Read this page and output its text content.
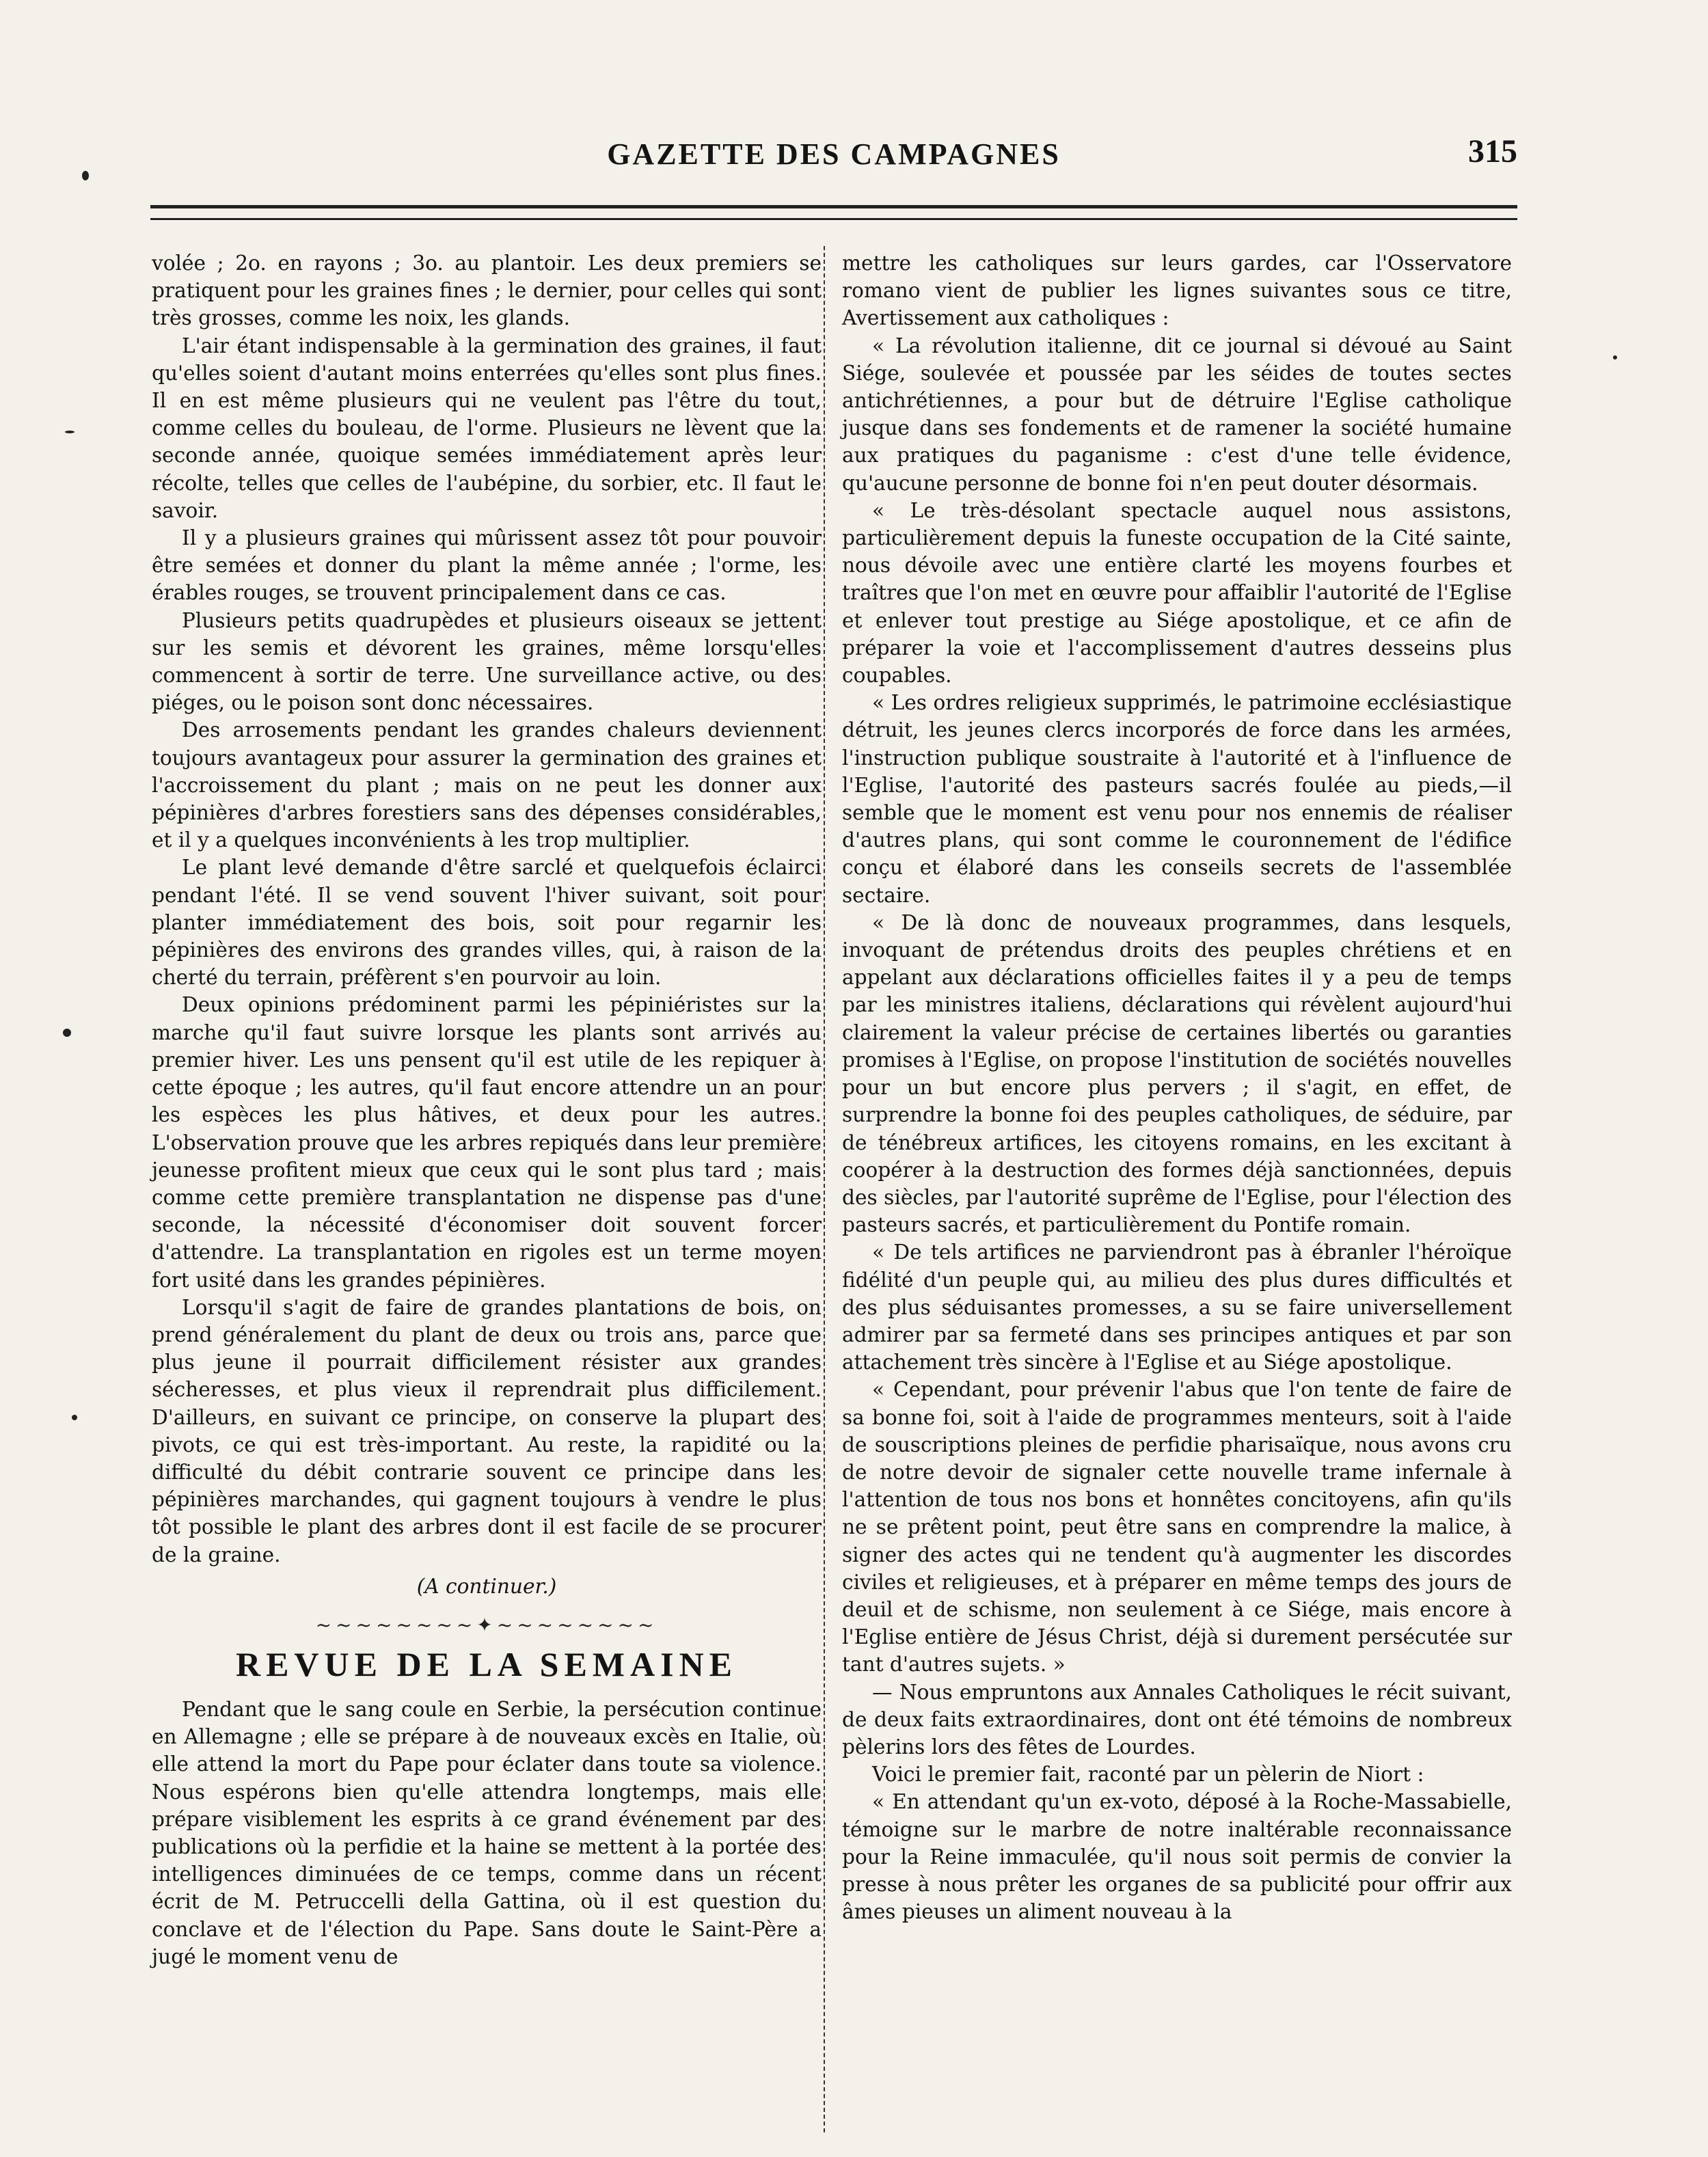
GAZETTE DES CAMPAGNES	315

volée ; 2o. en rayons ; 3o. au plantoir. Les deux premiers se pratiquent pour les graines fines ; le dernier, pour celles qui sont très grosses, comme les noix, les glands.

L'air étant indispensable à la germination des graines, il faut qu'elles soient d'autant moins enterrées qu'elles sont plus fines. Il en est même plusieurs qui ne veulent pas l'être du tout, comme celles du bouleau, de l'orme. Plusieurs ne lèvent que la seconde année, quoique semées immédiatement après leur récolte, telles que celles de l'aubépine, du sorbier, etc. Il faut le savoir.

Il y a plusieurs graines qui mûrissent assez tôt pour pouvoir être semées et donner du plant la même année ; l'orme, les érables rouges, se trouvent principalement dans ce cas.

Plusieurs petits quadrupèdes et plusieurs oiseaux se jettent sur les semis et dévorent les graines, même lorsqu'elles commencent à sortir de terre. Une surveillance active, ou des piéges, ou le poison sont donc nécessaires.

Des arrosements pendant les grandes chaleurs deviennent toujours avantageux pour assurer la germination des graines et l'accroissement du plant ; mais on ne peut les donner aux pépinières d'arbres forestiers sans des dépenses considérables, et il y a quelques inconvénients à les trop multiplier.

Le plant levé demande d'être sarclé et quelquefois éclairci pendant l'été. Il se vend souvent l'hiver suivant, soit pour planter immédiatement des bois, soit pour regarnir les pépinières des environs des grandes villes, qui, à raison de la cherté du terrain, préfèrent s'en pourvoir au loin.

Deux opinions prédominent parmi les pépiniéristes sur la marche qu'il faut suivre lorsque les plants sont arrivés au premier hiver. Les uns pensent qu'il est utile de les repiquer à cette époque ; les autres, qu'il faut encore attendre un an pour les espèces les plus hâtives, et deux pour les autres. L'observation prouve que les arbres repiqués dans leur première jeunesse profitent mieux que ceux qui le sont plus tard ; mais comme cette première transplantation ne dispense pas d'une seconde, la nécessité d'économiser doit souvent forcer d'attendre. La transplantation en rigoles est un terme moyen fort usité dans les grandes pépinières.

Lorsqu'il s'agit de faire de grandes plantations de bois, on prend généralement du plant de deux ou trois ans, parce que plus jeune il pourrait difficilement résister aux grandes sécheresses, et plus vieux il reprendrait plus difficilement. D'ailleurs, en suivant ce principe, on conserve la plupart des pivots, ce qui est très-important. Au reste, la rapidité ou la difficulté du débit contrarie souvent ce principe dans les pépinières marchandes, qui gagnent toujours à vendre le plus tôt possible le plant des arbres dont il est facile de se procurer de la graine.

(A continuer.)

~~~~~~~~✦~~~~~~~~
REVUE DE LA SEMAINE

Pendant que le sang coule en Serbie, la persécution continue en Allemagne ; elle se prépare à de nouveaux excès en Italie, où elle attend la mort du Pape pour éclater dans toute sa violence. Nous espérons bien qu'elle attendra longtemps, mais elle prépare visiblement les esprits à ce grand événement par des publications où la perfidie et la haine se mettent à la portée des intelligences diminuées de ce temps, comme dans un récent écrit de M. Petruccelli della Gattina, où il est question du conclave et de l'élection du Pape. Sans doute le Saint-Père a jugé le moment venu de

mettre les catholiques sur leurs gardes, car l'Osservatore romano vient de publier les lignes suivantes sous ce titre, Avertissement aux catholiques :

« La révolution italienne, dit ce journal si dévoué au Saint Siége, soulevée et poussée par les séides de toutes sectes antichrétiennes, a pour but de détruire l'Eglise catholique jusque dans ses fondements et de ramener la société humaine aux pratiques du paganisme : c'est d'une telle évidence, qu'aucune personne de bonne foi n'en peut douter désormais.

« Le très-désolant spectacle auquel nous assistons, particulièrement depuis la funeste occupation de la Cité sainte, nous dévoile avec une entière clarté les moyens fourbes et traîtres que l'on met en œuvre pour affaiblir l'autorité de l'Eglise et enlever tout prestige au Siége apostolique, et ce afin de préparer la voie et l'accomplissement d'autres desseins plus coupables.

« Les ordres religieux supprimés, le patrimoine ecclésiastique détruit, les jeunes clercs incorporés de force dans les armées, l'instruction publique soustraite à l'autorité et à l'influence de l'Eglise, l'autorité des pasteurs sacrés foulée au pieds,—il semble que le moment est venu pour nos ennemis de réaliser d'autres plans, qui sont comme le couronnement de l'édifice conçu et élaboré dans les conseils secrets de l'assemblée sectaire.

« De là donc de nouveaux programmes, dans lesquels, invoquant de prétendus droits des peuples chrétiens et en appelant aux déclarations officielles faites il y a peu de temps par les ministres italiens, déclarations qui révèlent aujourd'hui clairement la valeur précise de certaines libertés ou garanties promises à l'Eglise, on propose l'institution de sociétés nouvelles pour un but encore plus pervers ; il s'agit, en effet, de surprendre la bonne foi des peuples catholiques, de séduire, par de ténébreux artifices, les citoyens romains, en les excitant à coopérer à la destruction des formes déjà sanctionnées, depuis des siècles, par l'autorité suprême de l'Eglise, pour l'élection des pasteurs sacrés, et particulièrement du Pontife romain.

« De tels artifices ne parviendront pas à ébranler l'héroïque fidélité d'un peuple qui, au milieu des plus dures difficultés et des plus séduisantes promesses, a su se faire universellement admirer par sa fermeté dans ses principes antiques et par son attachement très sincère à l'Eglise et au Siége apostolique.

« Cependant, pour prévenir l'abus que l'on tente de faire de sa bonne foi, soit à l'aide de programmes menteurs, soit à l'aide de souscriptions pleines de perfidie pharisaïque, nous avons cru de notre devoir de signaler cette nouvelle trame infernale à l'attention de tous nos bons et honnêtes concitoyens, afin qu'ils ne se prêtent point, peut être sans en comprendre la malice, à signer des actes qui ne tendent qu'à augmenter les discordes civiles et religieuses, et à préparer en même temps des jours de deuil et de schisme, non seulement à ce Siége, mais encore à l'Eglise entière de Jésus Christ, déjà si durement persécutée sur tant d'autres sujets. »

— Nous empruntons aux Annales Catholiques le récit suivant, de deux faits extraordinaires, dont ont été témoins de nombreux pèlerins lors des fêtes de Lourdes.

Voici le premier fait, raconté par un pèlerin de Niort :

« En attendant qu'un ex-voto, déposé à la Roche-Massabielle, témoigne sur le marbre de notre inaltérable reconnaissance pour la Reine immaculée, qu'il nous soit permis de convier la presse à nous prêter les organes de sa publicité pour offrir aux âmes pieuses un aliment nouveau à la
